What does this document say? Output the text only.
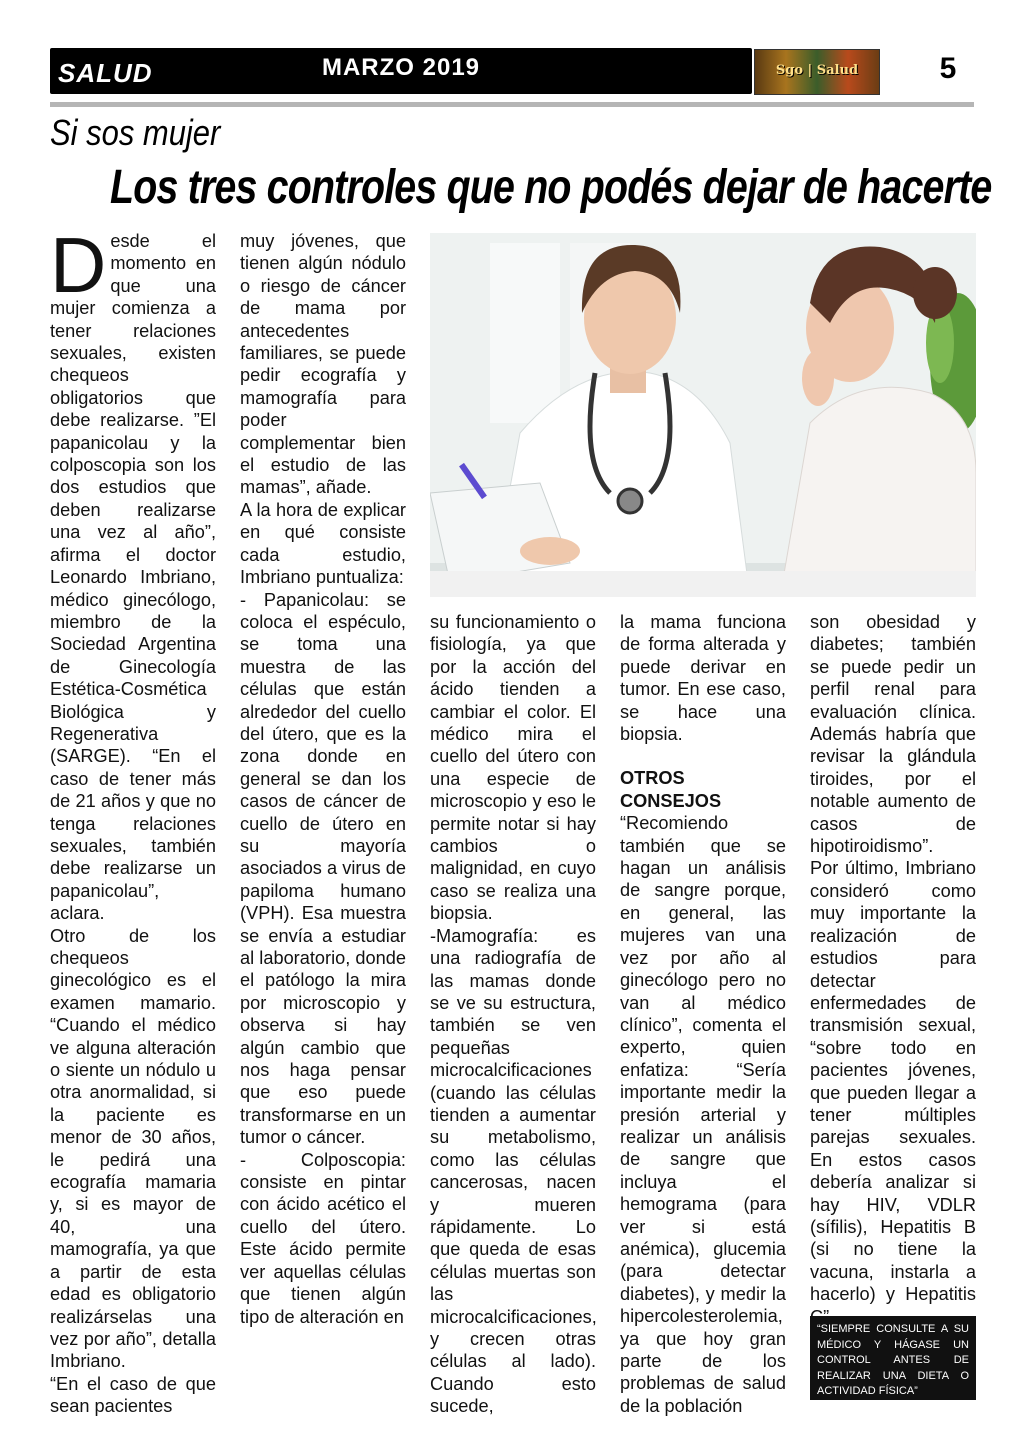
MARZO 2019
SALUD	Sgo | Salud	5
Si sos mujer
Los tres controles que no podés dejar de hacerte

Desde el momento en que una mujer comienza a tener relaciones sexuales, existen chequeos obligatorios que debe realizarse. ”El papanicolau y la colposcopia son los dos estudios que deben realizarse una vez al año”, afirma el doctor Leonardo Imbriano, médico ginecólogo, miembro de la Sociedad Argentina de Ginecología Estética-Cosmética Biológica y Regenerativa (SARGE). “En el caso de tener más de 21 años y que no tenga relaciones sexuales, también debe realizarse un papanicolau”, aclara.

Otro de los chequeos ginecológico es el examen mamario. “Cuando el médico ve alguna alteración o siente un nódulo u otra anormalidad, si la paciente es menor de 30 años, le pedirá una ecografía mamaria y, si es mayor de 40, una mamografía, ya que a partir de esta edad es obligatorio realizárselas una vez por año”, detalla Imbriano.

“En el caso de que sean pacientes

muy jóvenes, que tienen algún nódulo o riesgo de cáncer de mama por antecedentes familiares, se puede pedir ecografía y mamografía para poder complementar bien el estudio de las mamas”, añade.

A la hora de explicar en qué consiste cada estudio, Imbriano puntualiza:

- Papanicolau: se coloca el espéculo, se toma una muestra de las células que están alrededor del cuello del útero, que es la zona donde en general se dan los casos de cáncer de cuello de útero en su mayoría asociados a virus de papiloma humano (VPH). Esa muestra se envía a estudiar al laboratorio, donde el patólogo la mira por microscopio y observa si hay algún cambio que nos haga pensar que eso puede transformarse en un tumor o cáncer.

- Colposcopia: consiste en pintar con ácido acético el cuello del útero. Este ácido permite ver aquellas células que tienen algún tipo de alteración en

su funcionamiento o fisiología, ya que por la acción del ácido tienden a cambiar el color. El médico mira el cuello del útero con una especie de microscopio y eso le permite notar si hay cambios o malignidad, en cuyo caso se realiza una biopsia.

-Mamografía: es una radiografía de las mamas donde se ve su estructura, también se ven pequeñas microcalcificaciones (cuando las células tienden a aumentar su metabolismo, como las células cancerosas, nacen y mueren rápidamente. Lo que queda de esas células muertas son las microcalcificaciones, y crecen otras células al lado). Cuando esto sucede,

la mama funciona de forma alterada y puede derivar en tumor. En ese caso, se hace una biopsia.

OTROS CONSEJOS

“Recomiendo también que se hagan un análisis de sangre porque, en general, las mujeres van una vez por año al ginecólogo pero no van al médico clínico”, comenta el experto, quien enfatiza: “Sería importante medir la presión arterial y realizar un análisis de sangre que incluya el hemograma (para ver si está anémica), glucemia (para detectar diabetes), y medir la hipercolesterolemia, ya que hoy gran parte de los problemas de salud de la población

son obesidad y diabetes; también se puede pedir un perfil renal para evaluación clínica. Además habría que revisar la glándula tiroides, por el notable aumento de casos de hipotiroidismo”.

Por último, Imbriano consideró como muy importante la realización de estudios para detectar enfermedades de transmisión sexual, “sobre todo en pacientes jóvenes, que pueden llegar a tener múltiples parejas sexuales. En estos casos debería analizar si hay HIV, VDLR (sífilis), Hepatitis B (si no tiene la vacuna, instarla a hacerlo) y Hepatitis

“SIEMPRE CONSULTE A SU MÉDICO Y HÁGASE UN CONTROL ANTES DE REALIZAR UNA DIETA O ACTIVIDAD FÍSICA”
